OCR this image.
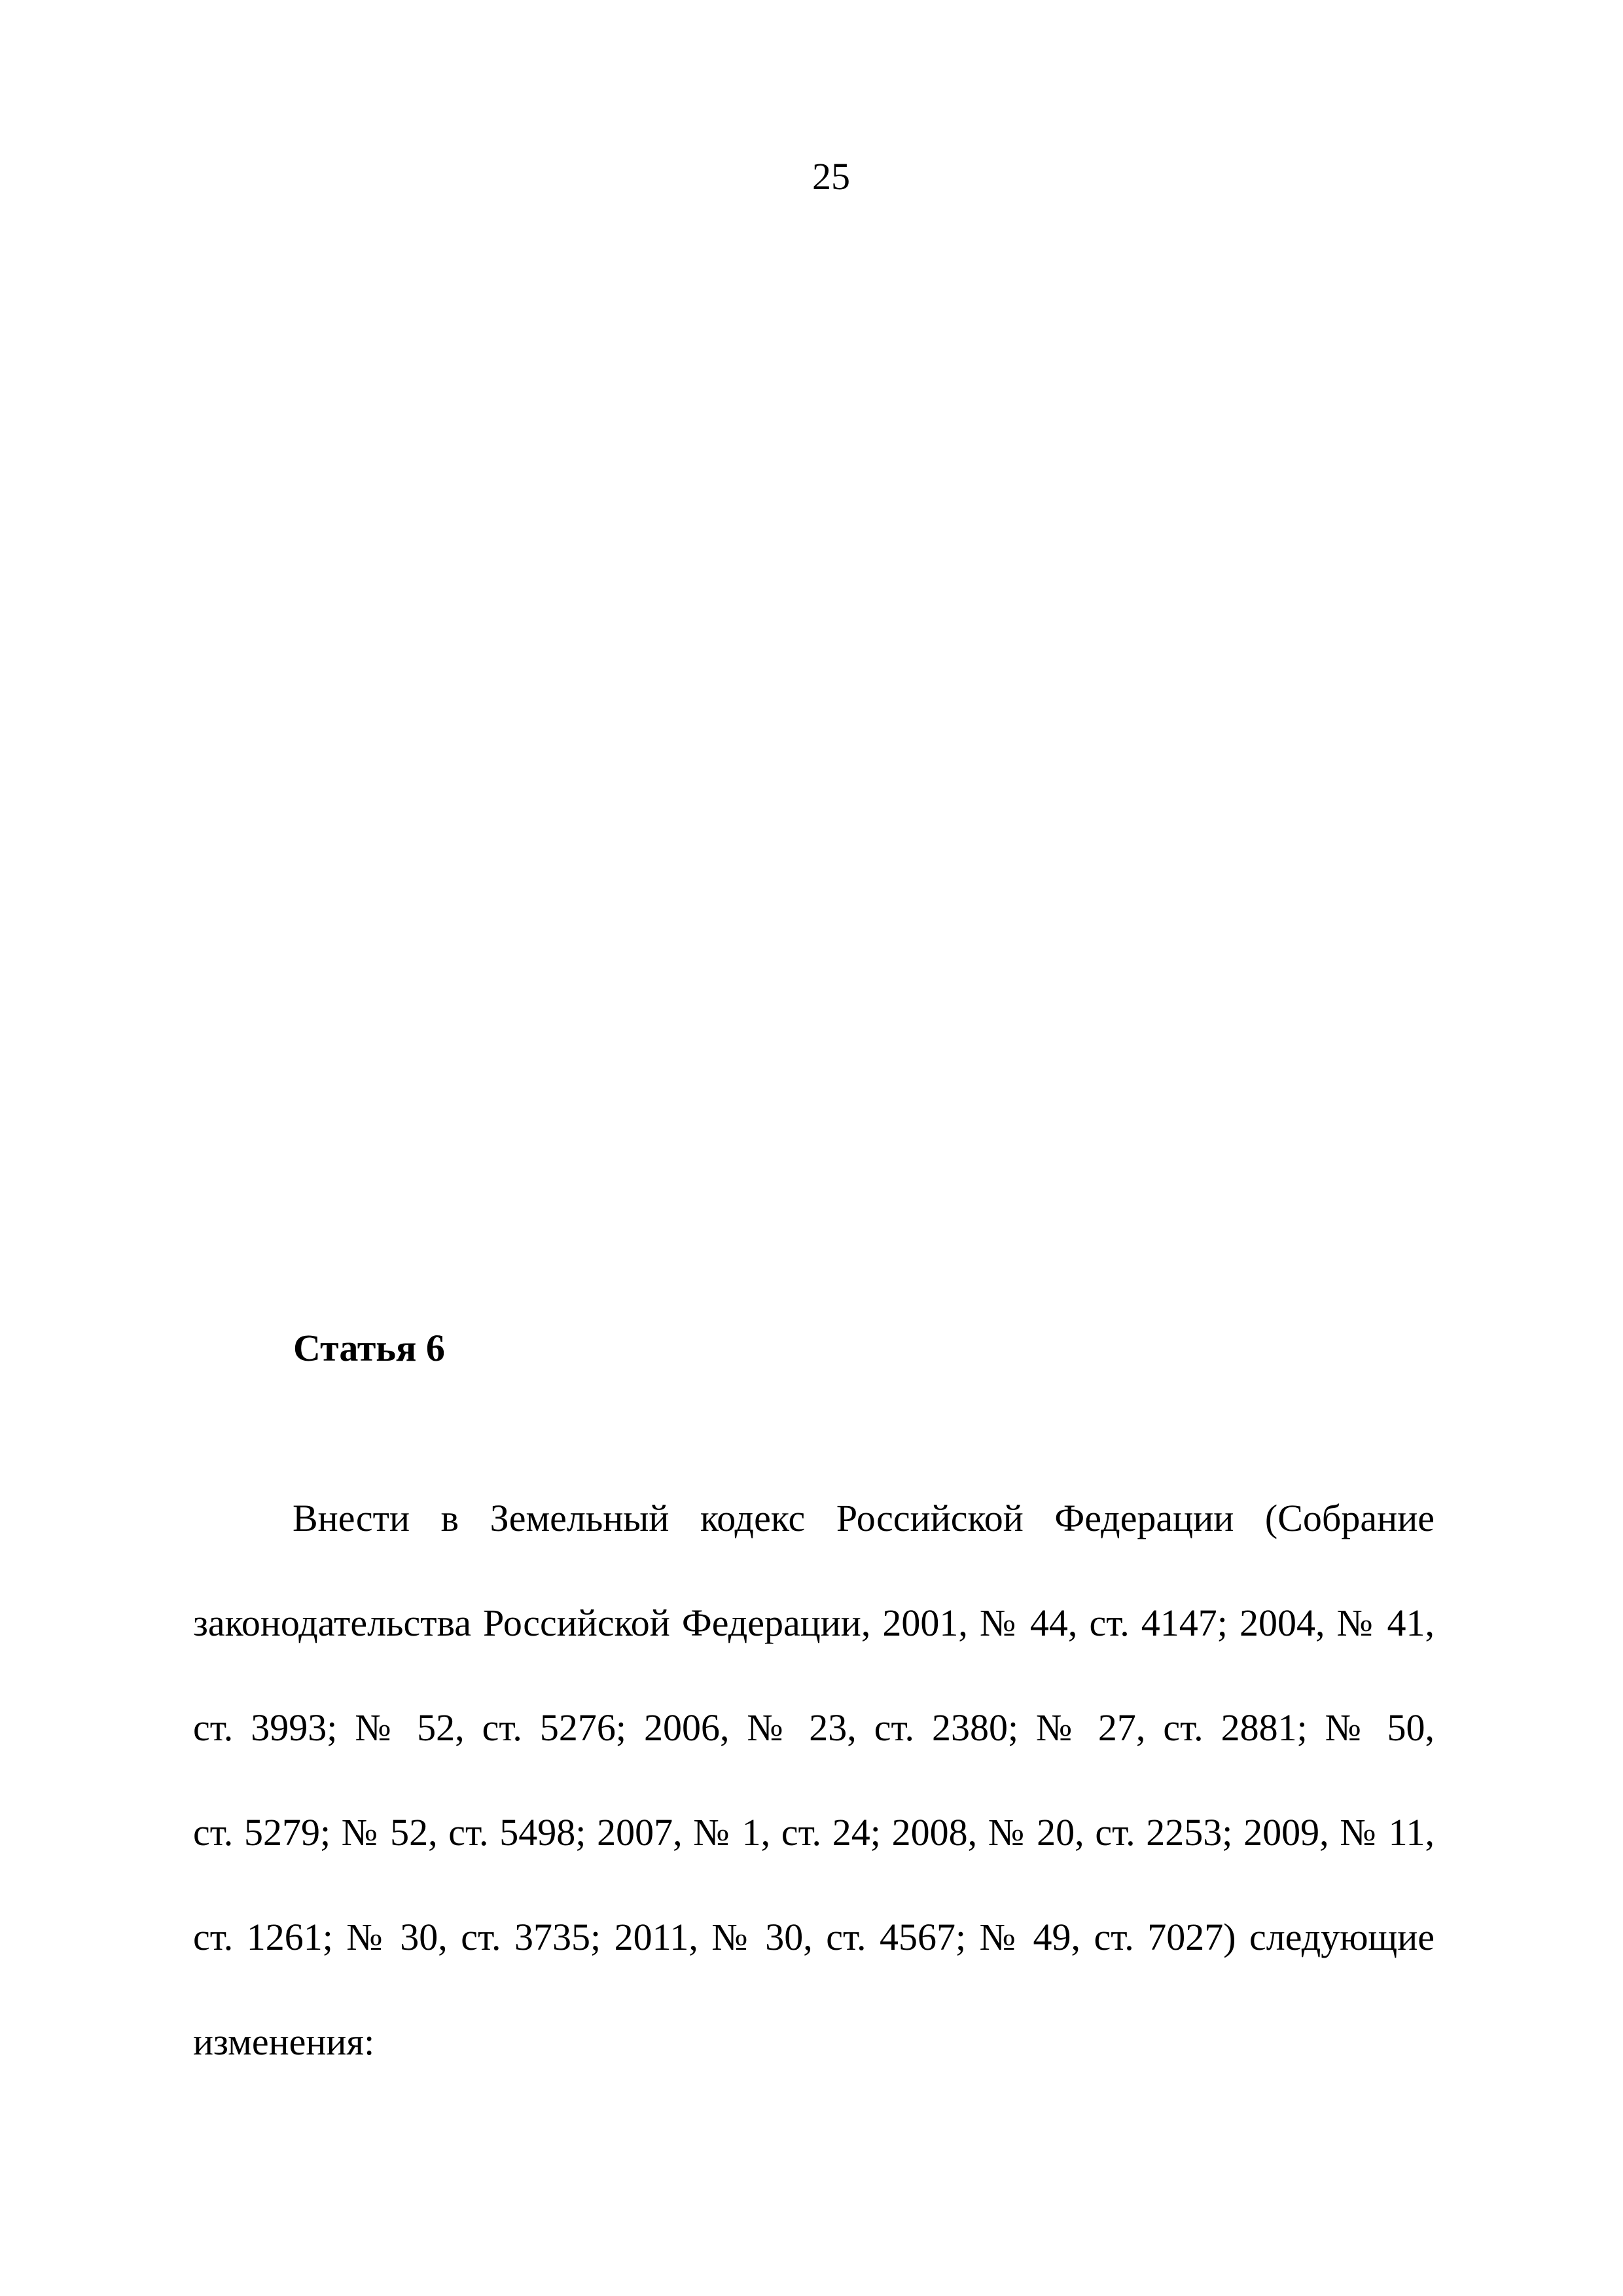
25
Статья 6
Внести в Земельный кодекс Российской Федерации (Собрание
законодательства Российской Федерации, 2001, № 44, ст. 4147; 2004, № 41,
ст. 3993; № 52, ст. 5276; 2006, № 23, ст. 2380; № 27, ст. 2881; № 50,
ст. 5279; № 52, ст. 5498; 2007, № 1, ст. 24; 2008, № 20, ст. 2253; 2009, № 11,
ст. 1261; № 30, ст. 3735; 2011, № 30, ст. 4567; № 49, ст. 7027) следующие
изменения:
